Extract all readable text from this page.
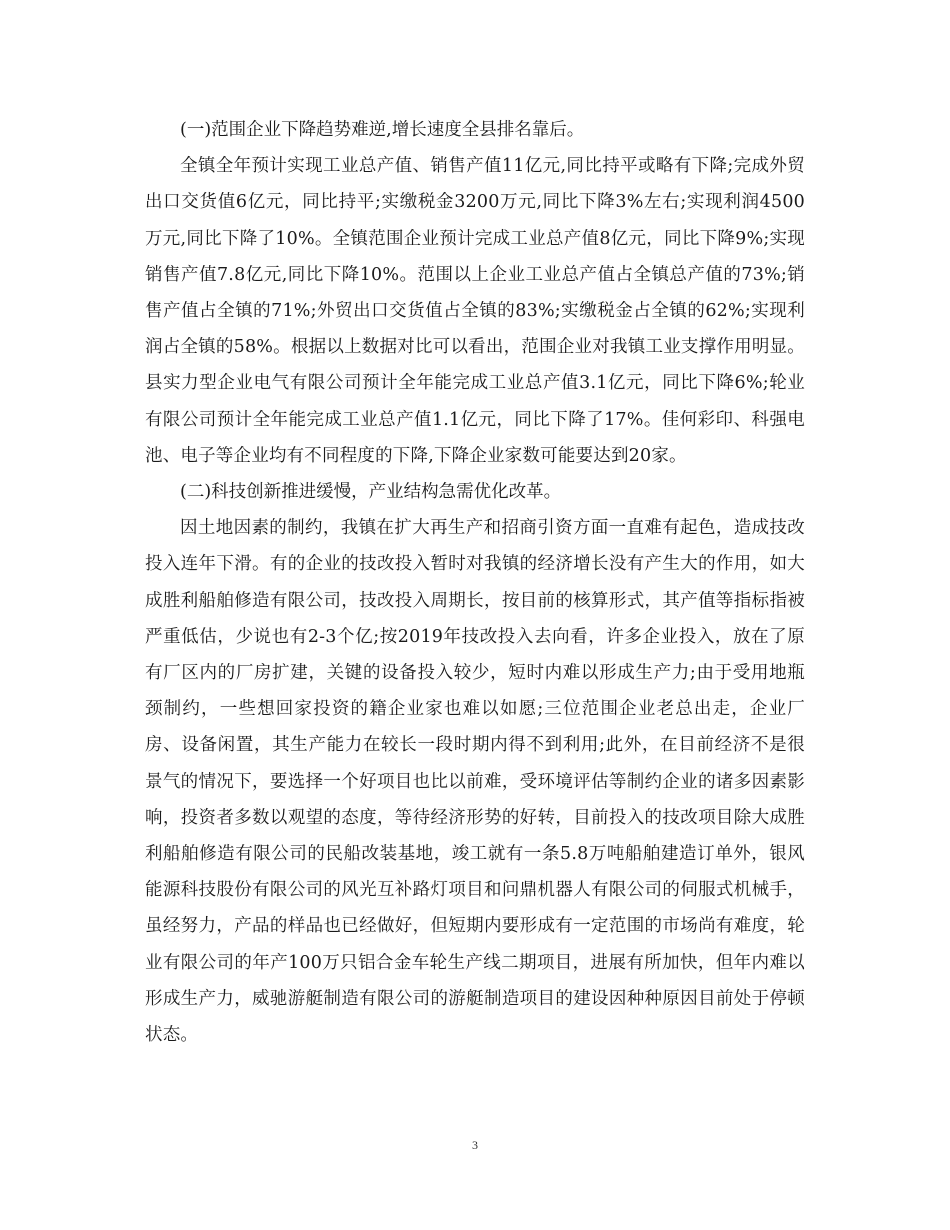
(一)范围企业下降趋势难逆,增长速度全县排名靠后。

全镇全年预计实现工业总产值、销售产值11亿元,同比持平或略有下降;完成外贸出口交货值6亿元，同比持平;实缴税金3200万元,同比下降3%左右;实现利润4500万元,同比下降了10%。全镇范围企业预计完成工业总产值8亿元，同比下降9%;实现销售产值7.8亿元,同比下降10%。范围以上企业工业总产值占全镇总产值的73%;销售产值占全镇的71%;外贸出口交货值占全镇的83%;实缴税金占全镇的62%;实现利润占全镇的58%。根据以上数据对比可以看出，范围企业对我镇工业支撑作用明显。县实力型企业电气有限公司预计全年能完成工业总产值3.1亿元，同比下降6%;轮业有限公司预计全年能完成工业总产值1.1亿元，同比下降了17%。佳何彩印、科强电池、电子等企业均有不同程度的下降,下降企业家数可能要达到20家。

(二)科技创新推进缓慢，产业结构急需优化改革。

因土地因素的制约，我镇在扩大再生产和招商引资方面一直难有起色，造成技改投入连年下滑。有的企业的技改投入暂时对我镇的经济增长没有产生大的作用，如大成胜利船舶修造有限公司，技改投入周期长，按目前的核算形式，其产值等指标指被严重低估，少说也有2-3个亿;按2019年技改投入去向看，许多企业投入，放在了原有厂区内的厂房扩建，关键的设备投入较少，短时内难以形成生产力;由于受用地瓶颈制约，一些想回家投资的籍企业家也难以如愿;三位范围企业老总出走，企业厂房、设备闲置，其生产能力在较长一段时期内得不到利用;此外，在目前经济不是很景气的情况下，要选择一个好项目也比以前难，受环境评估等制约企业的诸多因素影响，投资者多数以观望的态度，等待经济形势的好转，目前投入的技改项目除大成胜利船舶修造有限公司的民船改装基地，竣工就有一条5.8万吨船舶建造订单外，银风能源科技股份有限公司的风光互补路灯项目和问鼎机器人有限公司的伺服式机械手，虽经努力，产品的样品也已经做好，但短期内要形成有一定范围的市场尚有难度，轮业有限公司的年产100万只铝合金车轮生产线二期项目，进展有所加快，但年内难以形成生产力，威驰游艇制造有限公司的游艇制造项目的建设因种种原因目前处于停顿状态。

3
